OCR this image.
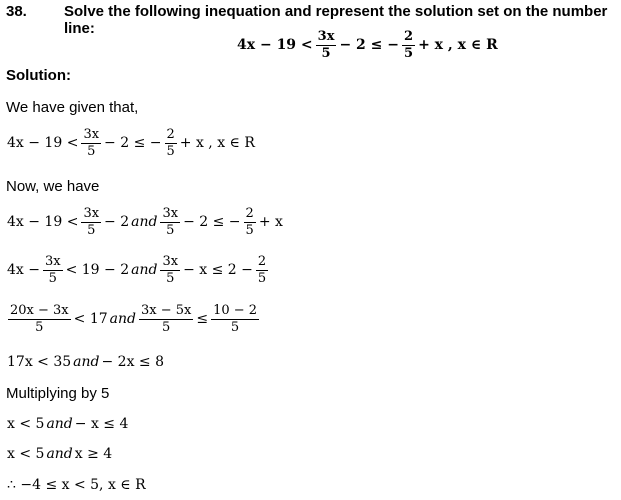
38. Solve the following inequation and represent the solution set on the number line:
$4x - 19 < \frac{3x}{5} - 2$ ≤ − $\frac{2}{5} + x$ , x ∈ R
Solution:
We have given that,
$4x - 19 < \frac{3x}{5} - 2$ ≤ − $\frac{2}{5} + x$ , x ∈ R
Now, we have
$4x - 19 < \frac{3x}{5} - 2$ and $\frac{3x}{5} - 2$ ≤ − $\frac{2}{5} + x$
$4x - \frac{3x}{5} < 19 - 2$ and $\frac{3x}{5} - x \le 2 - \frac{2}{5}$
$\frac{20x - 3x}{5} < 17$ and $\frac{3x - 5x}{5} \le \frac{10 - 2}{5}$
17x < 35 and − 2x ≤ 8
Multiplying by 5
x < 5 and − x ≤ 4
x < 5 and x ≥ 4
∴ −4 ≤ x < 5, x ∈ R
